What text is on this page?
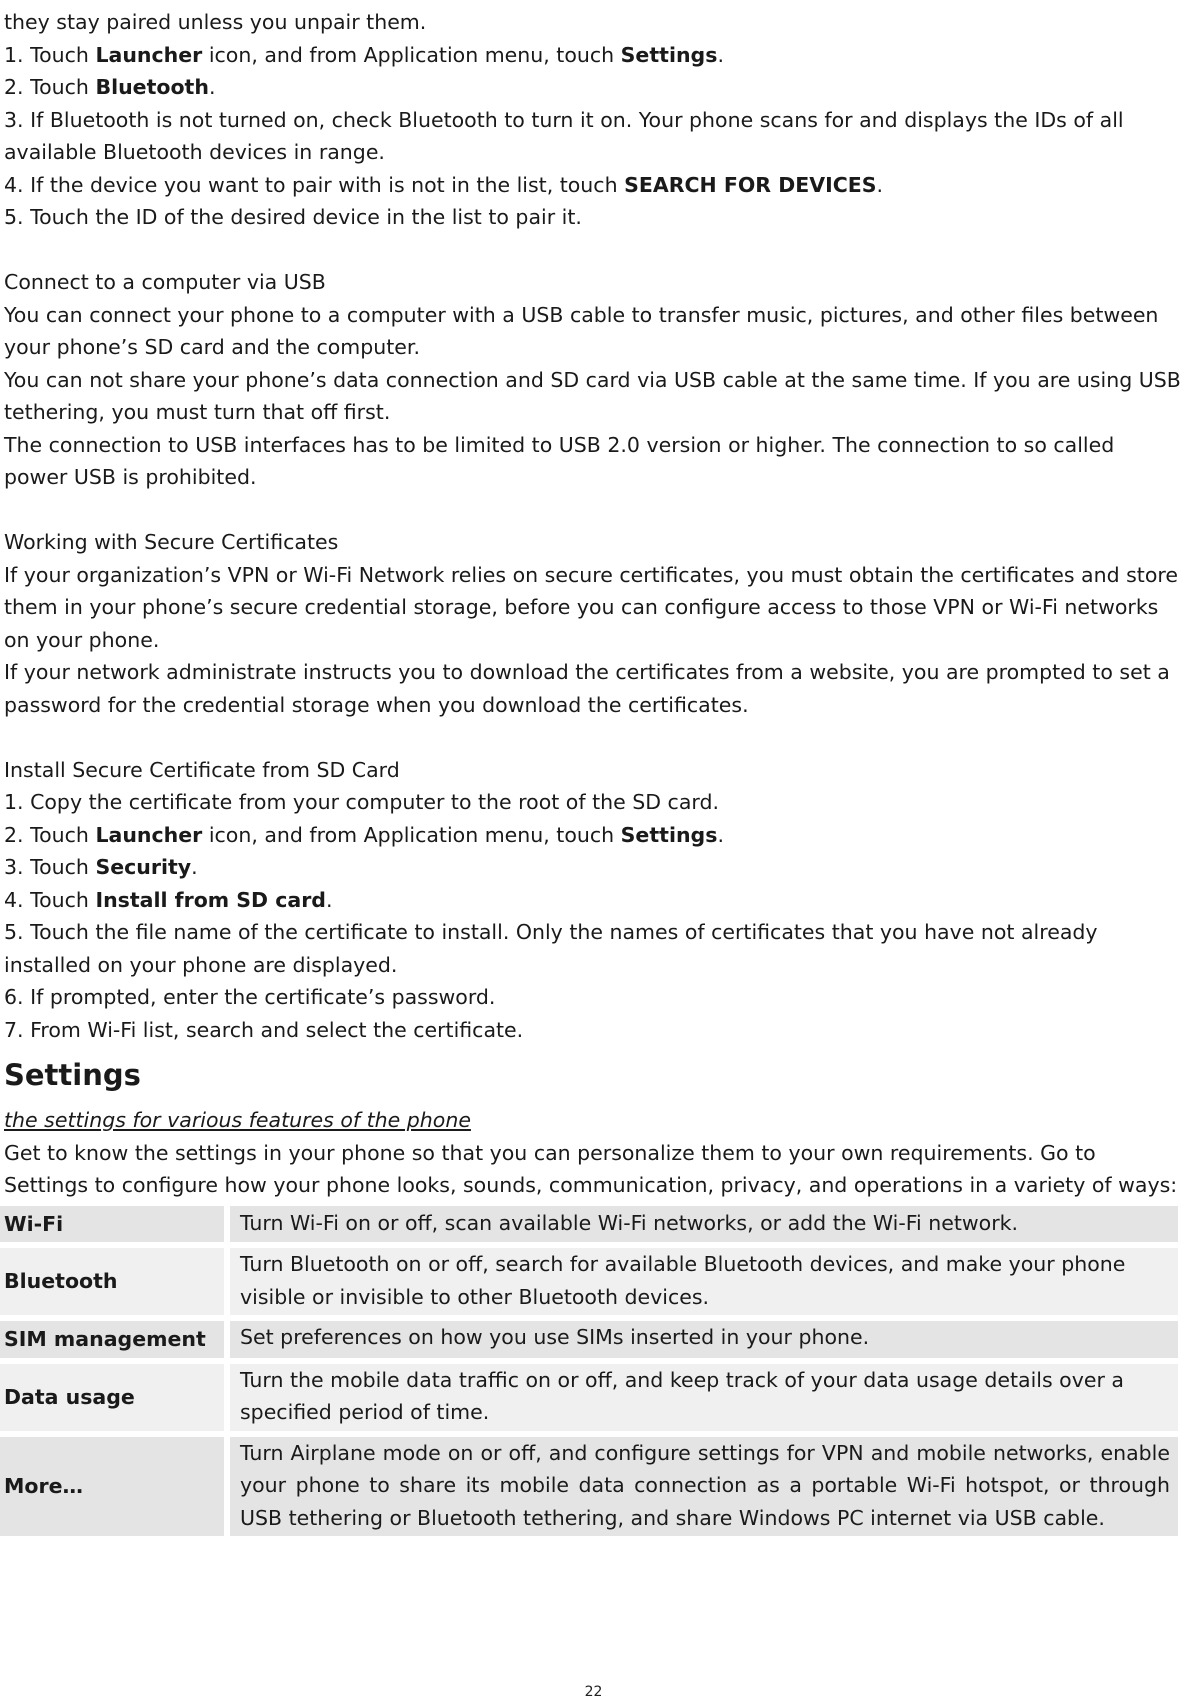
they stay paired unless you unpair them.

1. Touch Launcher icon, and from Application menu, touch Settings.

2. Touch Bluetooth.

3. If Bluetooth is not turned on, check Bluetooth to turn it on. Your phone scans for and displays the IDs of all available Bluetooth devices in range.

4. If the device you want to pair with is not in the list, touch SEARCH FOR DEVICES.

5. Touch the ID of the desired device in the list to pair it.

Connect to a computer via USB

You can connect your phone to a computer with a USB cable to transfer music, pictures, and other files between your phone’s SD card and the computer.

You can not share your phone’s data connection and SD card via USB cable at the same time. If you are using USB tethering, you must turn that off first.

The connection to USB interfaces has to be limited to USB 2.0 version or higher. The connection to so called power USB is prohibited.

Working with Secure Certificates

If your organization’s VPN or Wi-Fi Network relies on secure certificates, you must obtain the certificates and store them in your phone’s secure credential storage, before you can configure access to those VPN or Wi-Fi networks on your phone.

If your network administrate instructs you to download the certificates from a website, you are prompted to set a password for the credential storage when you download the certificates.

Install Secure Certificate from SD Card

1. Copy the certificate from your computer to the root of the SD card.

2. Touch Launcher icon, and from Application menu, touch Settings.

3. Touch Security.

4. Touch Install from SD card.

5. Touch the file name of the certificate to install. Only the names of certificates that you have not already installed on your phone are displayed.

6. If prompted, enter the certificate’s password.

7. From Wi-Fi list, search and select the certificate.

Settings

the settings for various features of the phone

Get to know the settings in your phone so that you can personalize them to your own requirements. Go to Settings to configure how your phone looks, sounds, communication, privacy, and operations in a variety of ways:

Wi-Fi		Turn Wi-Fi on or off, scan available Wi-Fi networks, or add the Wi-Fi network.
Bluetooth		Turn Bluetooth on or off, search for available Bluetooth devices, and make your phone visible or invisible to other Bluetooth devices.
SIM management		Set preferences on how you use SIMs inserted in your phone.
Data usage		Turn the mobile data traffic on or off, and keep track of your data usage details over a specified period of time.
More…		Turn Airplane mode on or off, and configure settings for VPN and mobile networks, enable your phone to share its mobile data connection as a portable Wi-Fi hotspot, or through USB tethering or Bluetooth tethering, and share Windows PC internet via USB cable.
22
